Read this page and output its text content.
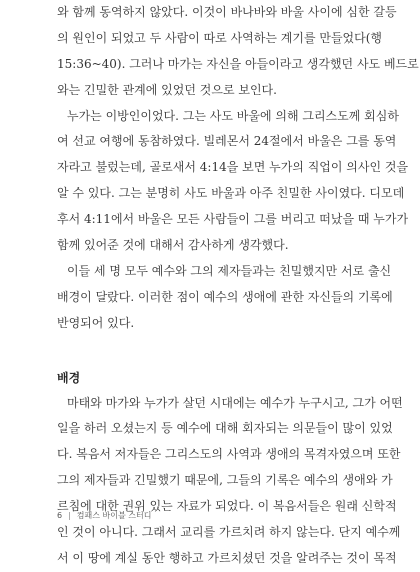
와 함께 동역하지 않았다. 이것이 바나바와 바울 사이에 심한 갈등
의 원인이 되었고 두 사람이 따로 사역하는 계기를 만들었다(행
15:36~40). 그러나 마가는 자신을 아들이라고 생각했던 사도 베드로
와는 긴밀한 관계에 있었던 것으로 보인다.

누가는 이방인이었다. 그는 사도 바울에 의해 그리스도께 회심하
여 선교 여행에 동참하였다. 빌레몬서 24절에서 바울은 그를 동역
자라고 불렀는데, 골로새서 4:14을 보면 누가의 직업이 의사인 것을
알 수 있다. 그는 분명히 사도 바울과 아주 친밀한 사이였다. 디모데
후서 4:11에서 바울은 모든 사람들이 그를 버리고 떠났을 때 누가가
함께 있어준 것에 대해서 감사하게 생각했다.

이들 세 명 모두 예수와 그의 제자들과는 친밀했지만 서로 출신
배경이 달랐다. 이러한 점이 예수의 생애에 관한 자신들의 기록에
반영되어 있다.

배경

마태와 마가와 누가가 살던 시대에는 예수가 누구시고, 그가 어떤
일을 하러 오셨는지 등 예수에 대해 회자되는 의문들이 많이 있었
다. 복음서 저자들은 그리스도의 사역과 생애의 목격자였으며 또한
그의 제자들과 긴밀했기 때문에, 그들의 기록은 예수의 생애와 가
르침에 대한 권위 있는 자료가 되었다. 이 복음서들은 원래 신학적
인 것이 아니다. 그래서 교리를 가르치려 하지 않는다. 단지 예수께
서 이 땅에 계실 동안 행하고 가르치셨던 것을 알려주는 것이 목적

6 | 컴패스 바이블 스터디
